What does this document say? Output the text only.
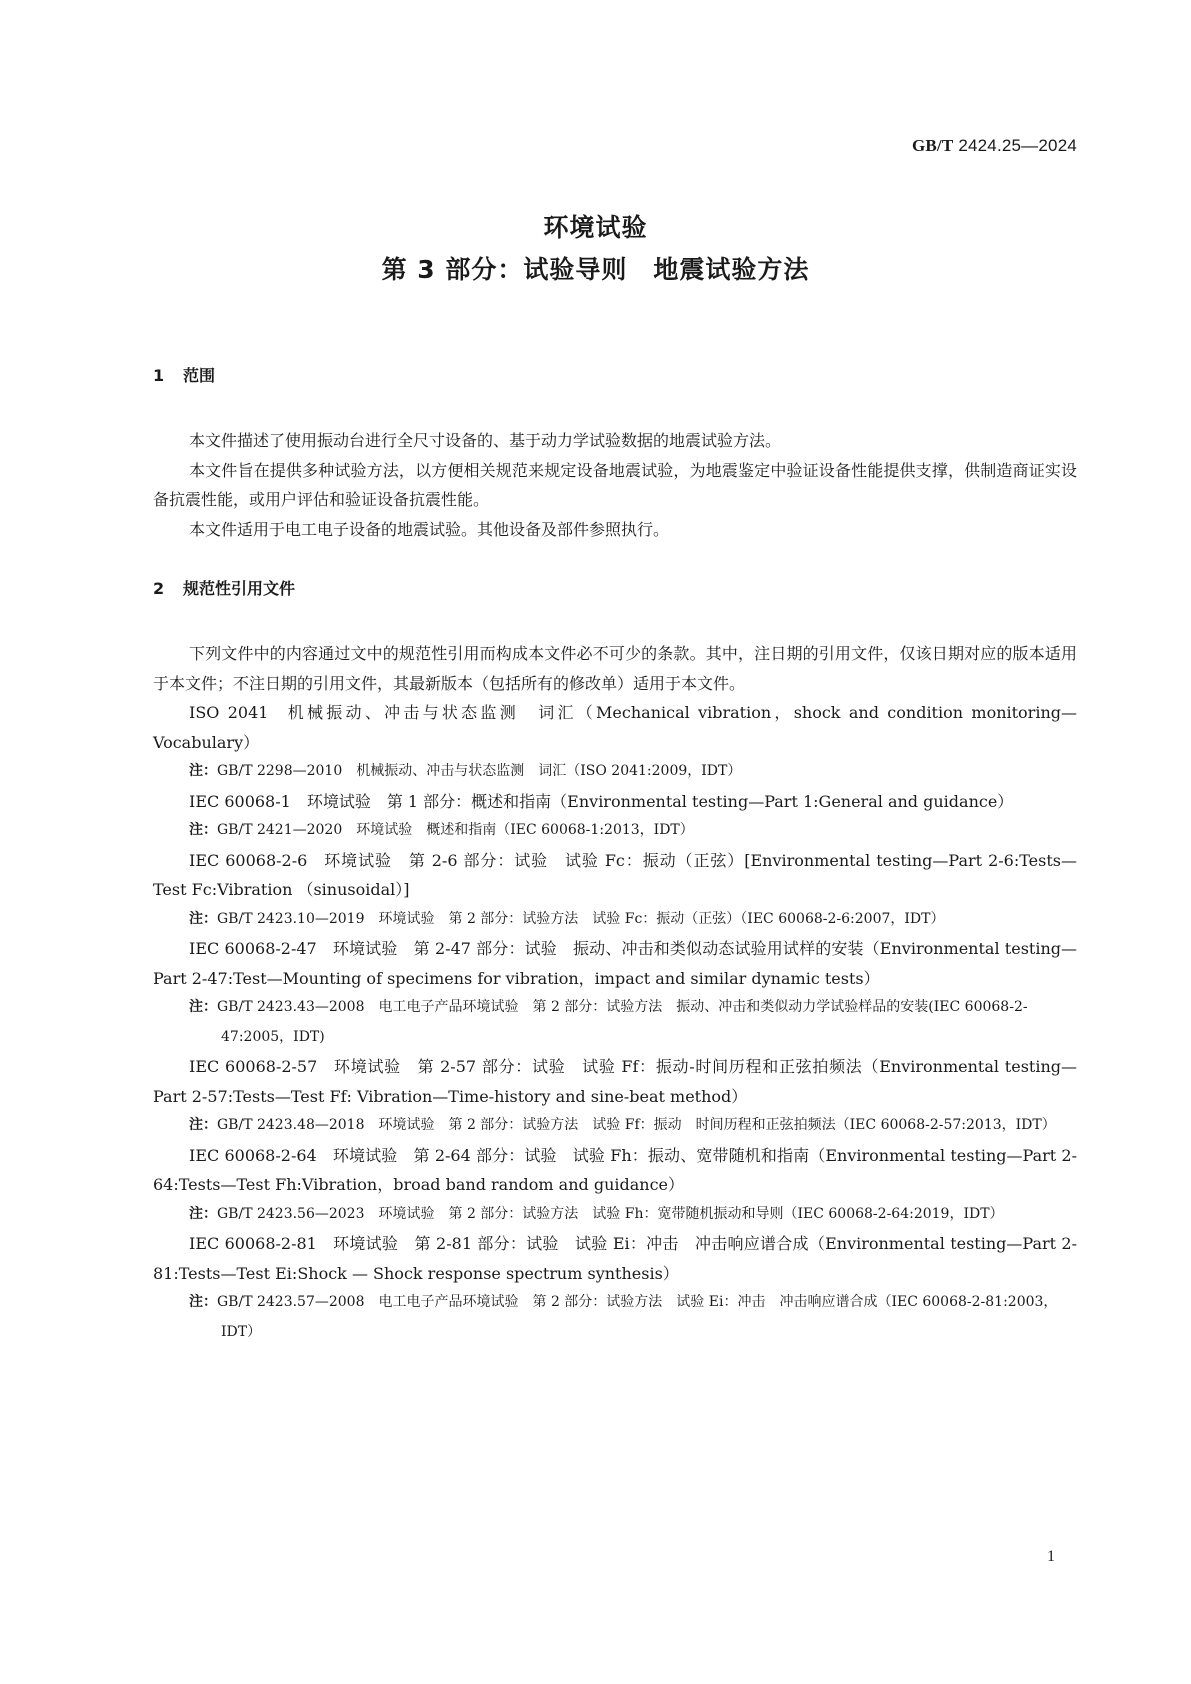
GB/T 2424.25—2024
环境试验
第 3 部分：试验导则　地震试验方法
1 范围

本文件描述了使用振动台进行全尺寸设备的、基于动力学试验数据的地震试验方法。

本文件旨在提供多种试验方法，以方便相关规范来规定设备地震试验，为地震鉴定中验证设备性能提供支撑，供制造商证实设备抗震性能，或用户评估和验证设备抗震性能。

本文件适用于电工电子设备的地震试验。其他设备及部件参照执行。

2 规范性引用文件

下列文件中的内容通过文中的规范性引用而构成本文件必不可少的条款。其中，注日期的引用文件，仅该日期对应的版本适用于本文件；不注日期的引用文件，其最新版本（包括所有的修改单）适用于本文件。

ISO 2041 机械振动、冲击与状态监测　词汇（Mechanical vibration，shock and condition monitoring—Vocabulary）

注：GB/T 2298—2010　机械振动、冲击与状态监测　词汇（ISO 2041:2009，IDT）

IEC 60068-1 环境试验　第 1 部分：概述和指南（Environmental testing—Part 1:General and guidance）

注：GB/T 2421—2020　环境试验　概述和指南（IEC 60068-1:2013，IDT）

IEC 60068-2-6 环境试验　第 2-6 部分：试验　试验 Fc：振动（正弦）[Environmental testing—Part 2-6:Tests—Test Fc:Vibration （sinusoidal）]

注：GB/T 2423.10—2019　环境试验　第 2 部分：试验方法　试验 Fc：振动（正弦）（IEC 60068-2-6:2007，IDT）

IEC 60068-2-47 环境试验　第 2-47 部分：试验　振动、冲击和类似动态试验用试样的安装（Environmental testing—Part 2-47:Test—Mounting of specimens for vibration，impact and similar dynamic tests）

注：GB/T 2423.43—2008　电工电子产品环境试验　第 2 部分：试验方法　振动、冲击和类似动力学试验样品的安装(IEC 60068-2-47:2005，IDT)

IEC 60068-2-57 环境试验　第 2-57 部分：试验　试验 Ff：振动-时间历程和正弦拍频法（Environmental testing—Part 2-57:Tests—Test Ff: Vibration—Time-history and sine-beat method）

注：GB/T 2423.48—2018　环境试验　第 2 部分：试验方法　试验 Ff：振动　时间历程和正弦拍频法（IEC 60068-2-57:2013，IDT）

IEC 60068-2-64 环境试验　第 2-64 部分：试验　试验 Fh：振动、宽带随机和指南（Environmental testing—Part 2-64:Tests—Test Fh:Vibration，broad band random and guidance）

注：GB/T 2423.56—2023　环境试验　第 2 部分：试验方法　试验 Fh：宽带随机振动和导则（IEC 60068-2-64:2019，IDT）

IEC 60068-2-81 环境试验　第 2-81 部分：试验　试验 Ei：冲击　冲击响应谱合成（Environmental testing—Part 2-81:Tests—Test Ei:Shock — Shock response spectrum synthesis）

注：GB/T 2423.57—2008　电工电子产品环境试验　第 2 部分：试验方法　试验 Ei：冲击　冲击响应谱合成（IEC 60068-2-81:2003，IDT）

1
